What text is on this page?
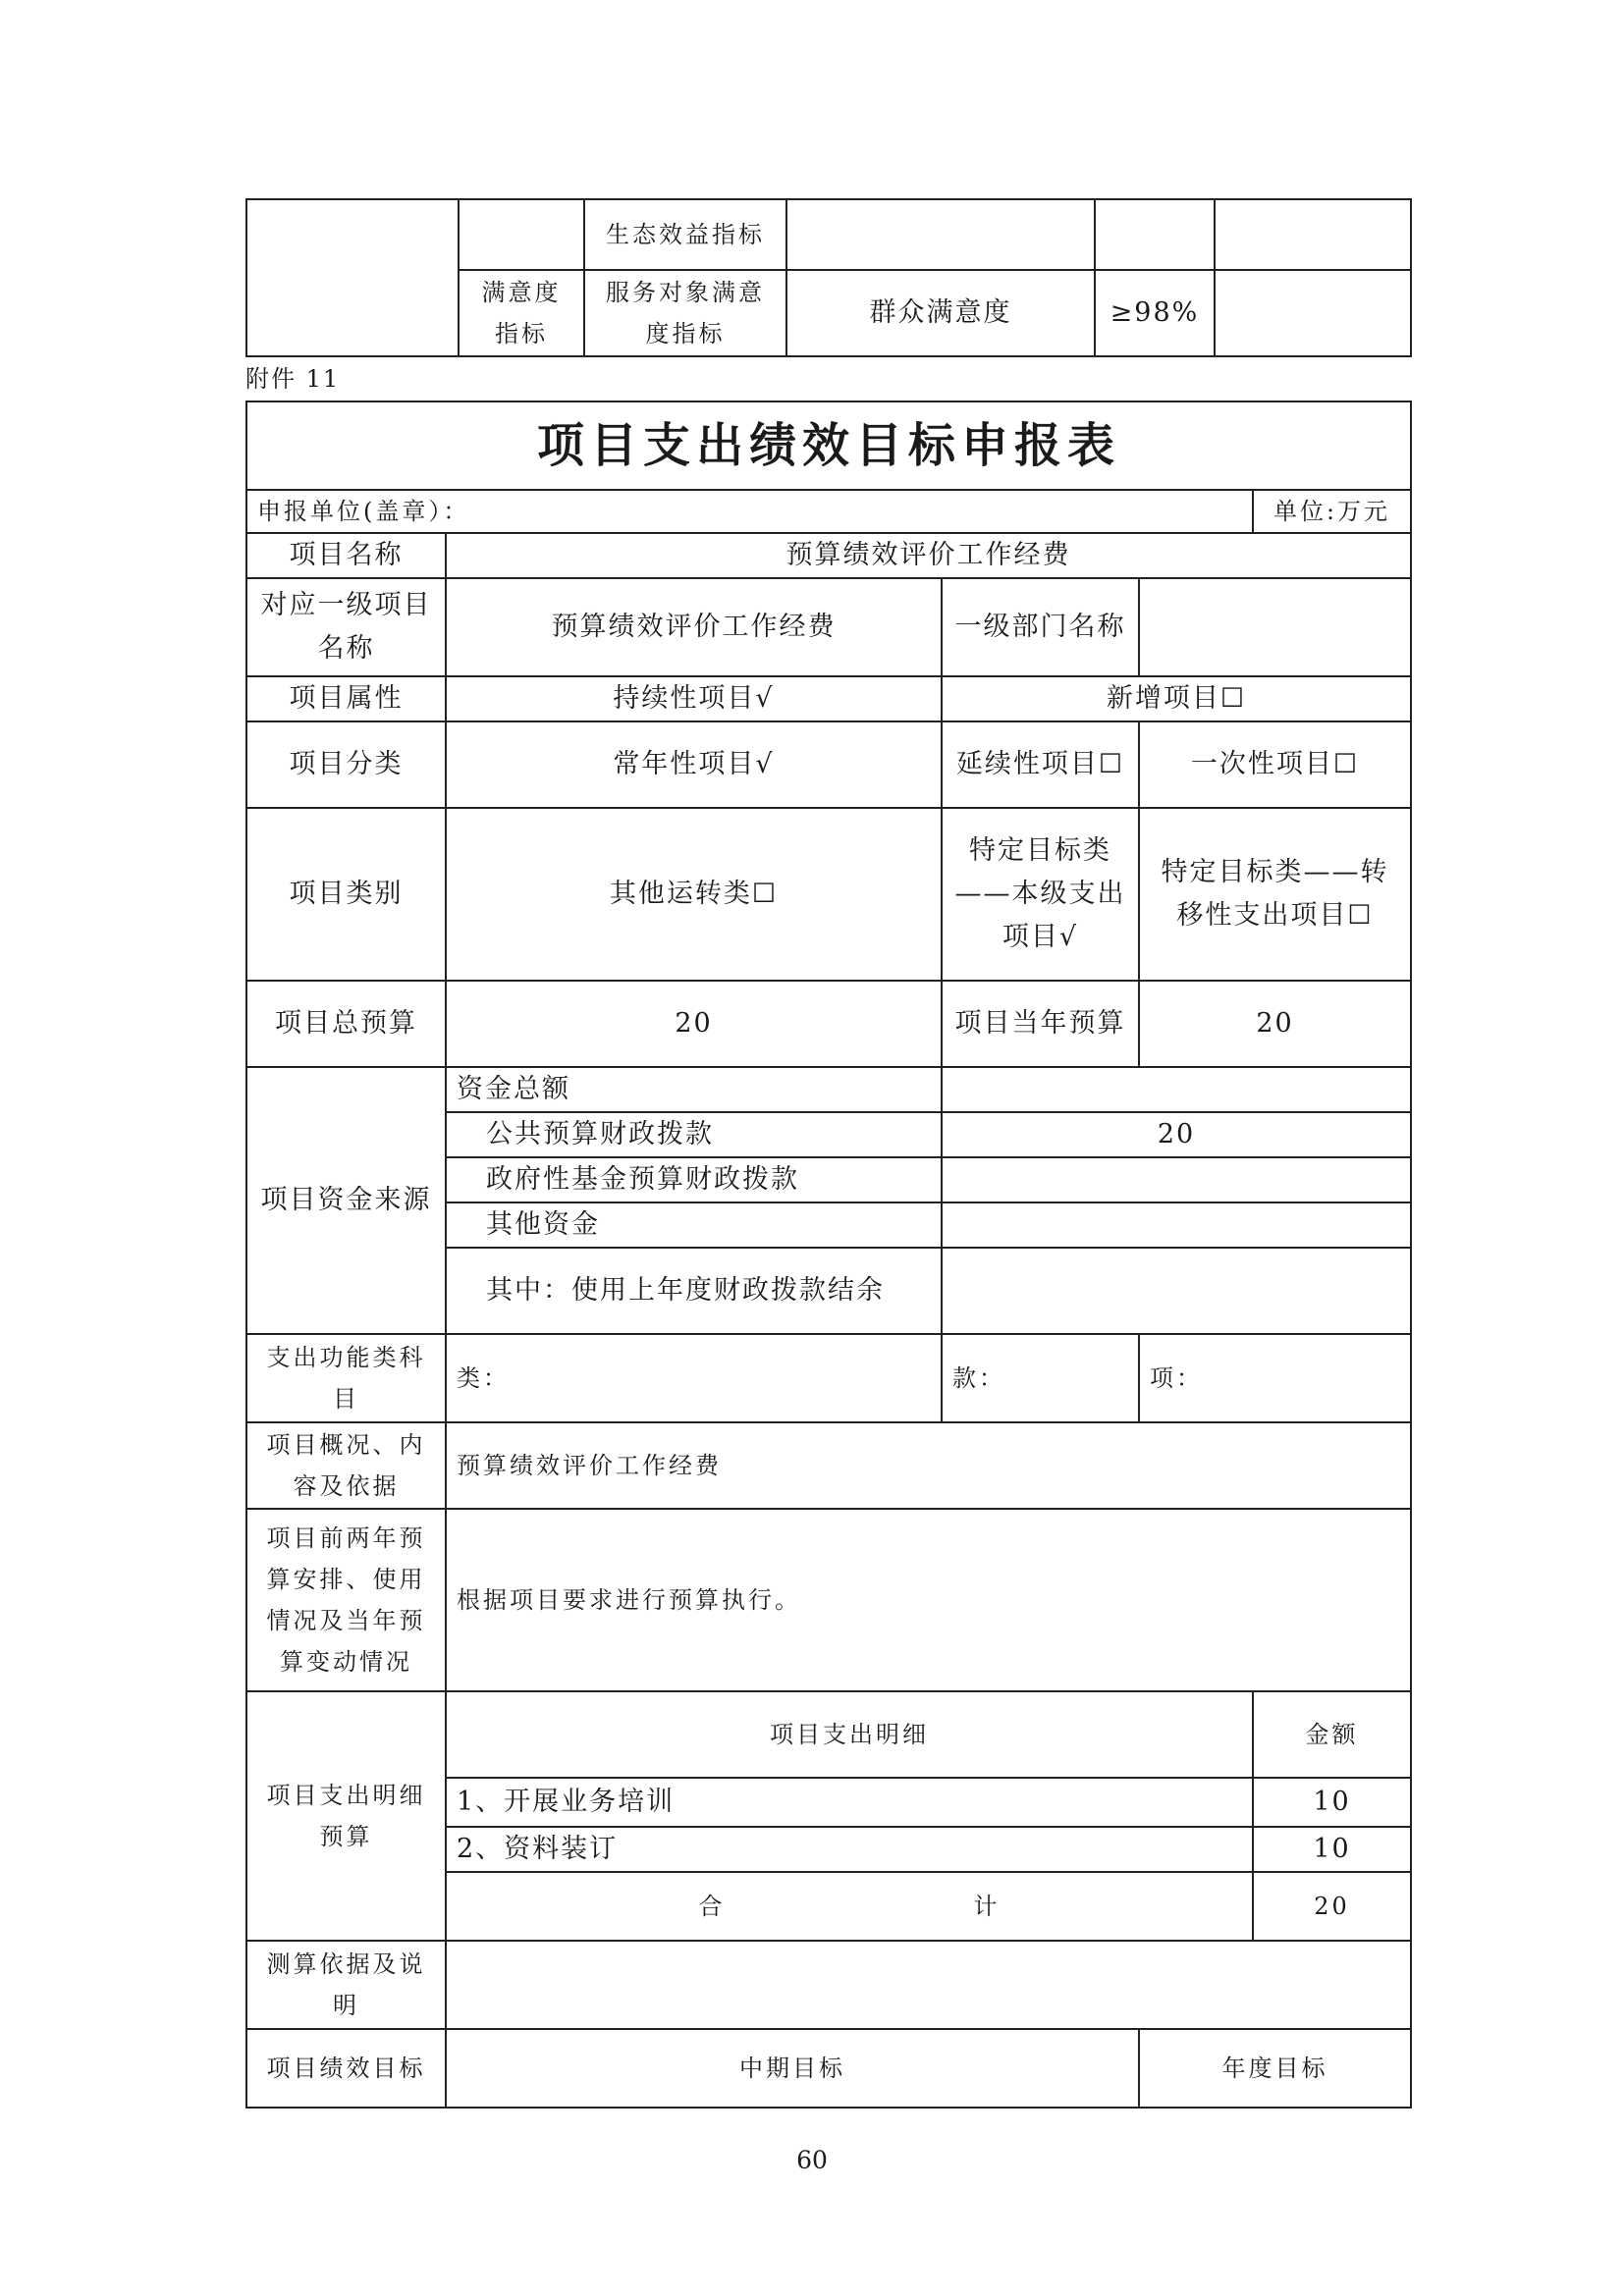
		生态效益指标			
	满意度指标	服务对象满意度指标	群众满意度	≥98%	
附件 11
项目支出绩效目标申报表				
申报单位(盖章）：				单位:万元
项目名称	预算绩效评价工作经费			
对应一级项目名称	预算绩效评价工作经费	一级部门名称		
项目属性	持续性项目√	新增项目☐		
项目分类	常年性项目√	延续性项目☐	一次性项目☐	
项目类别	其他运转类☐	特定目标类——本级支出项目√	特定目标类——转移性支出项目☐	
项目总预算	20	项目当年预算	20	
项目资金来源	资金总额			
	公共预算财政拨款	20		
	政府性基金预算财政拨款			
	其他资金			
	其中：使用上年度财政拨款结余			
支出功能类科目	类：	款：	项：	
项目概况、内容及依据	预算绩效评价工作经费			
项目前两年预算安排、使用情况及当年预算变动情况	根据项目要求进行预算执行。			
项目支出明细预算	项目支出明细			金额
	1、开展业务培训			10
	2、资料装订			10

	合 计			20
测算依据及说明				
项目绩效目标	中期目标		年度目标	
60
